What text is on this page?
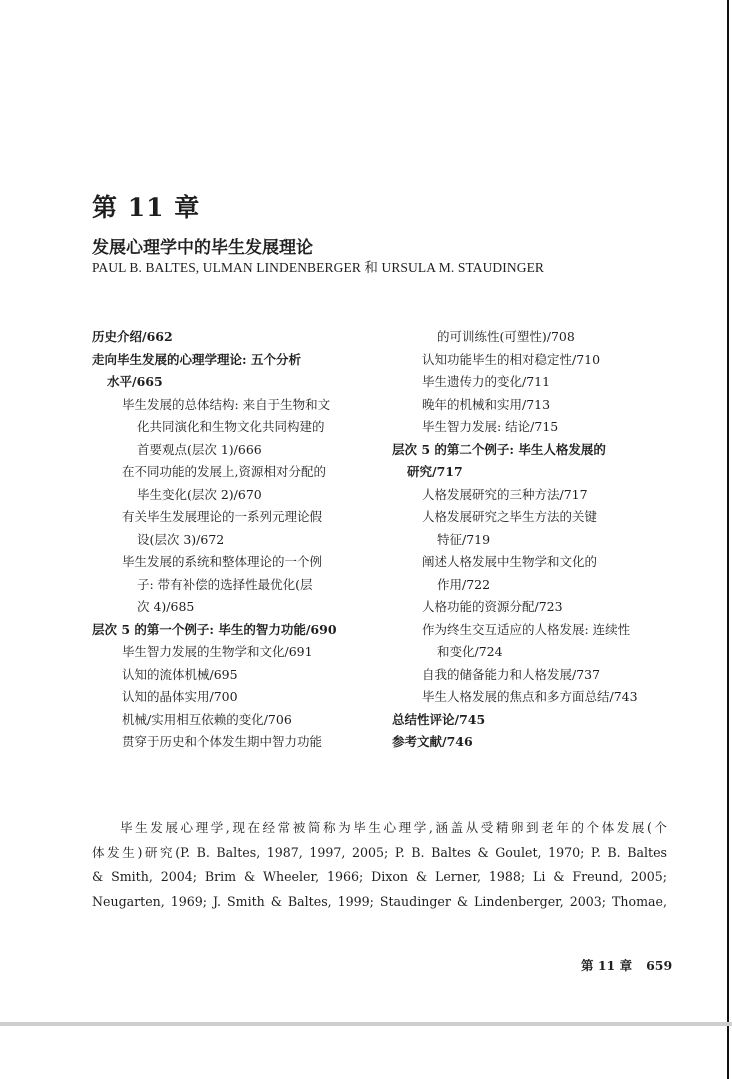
第 11 章
发展心理学中的毕生发展理论
PAUL B. BALTES, ULMAN LINDENBERGER 和 URSULA M. STAUDINGER
历史介绍/662
走向毕生发展的心理学理论: 五个分析
水平/665
毕生发展的总体结构: 来自于生物和文
化共同演化和生物文化共同构建的
首要观点(层次 1)/666
在不同功能的发展上,资源相对分配的
毕生变化(层次 2)/670
有关毕生发展理论的一系列元理论假
设(层次 3)/672
毕生发展的系统和整体理论的一个例
子: 带有补偿的选择性最优化(层
次 4)/685
层次 5 的第一个例子: 毕生的智力功能/690
毕生智力发展的生物学和文化/691
认知的流体机械/695
认知的晶体实用/700
机械/实用相互依赖的变化/706
贯穿于历史和个体发生期中智力功能
的可训练性(可塑性)/708
认知功能毕生的相对稳定性/710
毕生遗传力的变化/711
晚年的机械和实用/713
毕生智力发展: 结论/715
层次 5 的第二个例子: 毕生人格发展的
研究/717
人格发展研究的三种方法/717
人格发展研究之毕生方法的关键
特征/719
阐述人格发展中生物学和文化的
作用/722
人格功能的资源分配/723
作为终生交互适应的人格发展: 连续性
和变化/724
自我的储备能力和人格发展/737
毕生人格发展的焦点和多方面总结/743
总结性评论/745
参考文献/746
毕生发展心理学,现在经常被简称为毕生心理学,涵盖从受精卵到老年的个体发展(个
体发生)研究(P. B. Baltes, 1987, 1997, 2005; P. B. Baltes & Goulet, 1970; P. B. Baltes
& Smith, 2004; Brim & Wheeler, 1966; Dixon & Lerner, 1988; Li & Freund, 2005;
Neugarten, 1969; J. Smith & Baltes, 1999; Staudinger & Lindenberger, 2003; Thomae,
第 11 章 659
